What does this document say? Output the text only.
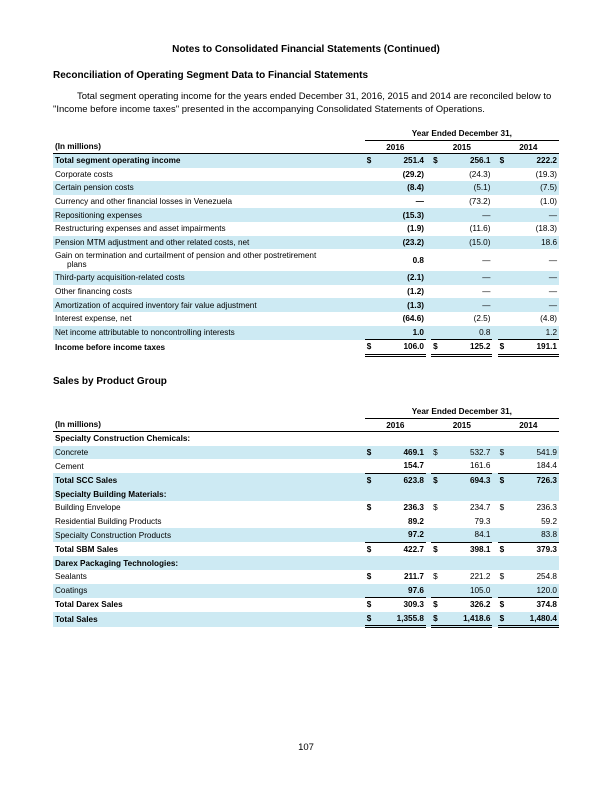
Notes to Consolidated Financial Statements (Continued)
Reconciliation of Operating Segment Data to Financial Statements
Total segment operating income for the years ended December 31, 2016, 2015 and 2014 are reconciled below to "Income before income taxes" presented in the accompanying Consolidated Statements of Operations.
	Year Ended December 31,							
(In millions)	2016			2015			2014	
Total segment operating income	$	251.4		$	256.1		$	222.2
Corporate costs		(29.2)			(24.3)			(19.3)
Certain pension costs		(8.4)			(5.1)			(7.5)
Currency and other financial losses in Venezuela		—			(73.2)			(1.0)
Repositioning expenses		(15.3)			—			—
Restructuring expenses and asset impairments		(1.9)			(11.6)			(18.3)
Pension MTM adjustment and other related costs, net		(23.2)			(15.0)			18.6
Gain on termination and curtailment of pension and other postretirement
plans		0.8			—			—
Third-party acquisition-related costs		(2.1)			—			—
Other financing costs		(1.2)			—			—
Amortization of acquired inventory fair value adjustment		(1.3)			—			—
Interest expense, net		(64.6)			(2.5)			(4.8)
Net income attributable to noncontrolling interests		1.0			0.8			1.2
Income before income taxes	$	106.0		$	125.2		$	191.1
Sales by Product Group
	Year Ended December 31,							
(In millions)	2016			2015			2014	
Specialty Construction Chemicals:								
Concrete	$	469.1		$	532.7		$	541.9
Cement		154.7			161.6			184.4
Total SCC Sales	$	623.8		$	694.3		$	726.3
Specialty Building Materials:								
Building Envelope	$	236.3		$	234.7		$	236.3
Residential Building Products		89.2			79.3			59.2
Specialty Construction Products		97.2			84.1			83.8
Total SBM Sales	$	422.7		$	398.1		$	379.3
Darex Packaging Technologies:								
Sealants	$	211.7		$	221.2		$	254.8
Coatings		97.6			105.0			120.0
Total Darex Sales	$	309.3		$	326.2		$	374.8
Total Sales	$	1,355.8		$	1,418.6		$	1,480.4
107
